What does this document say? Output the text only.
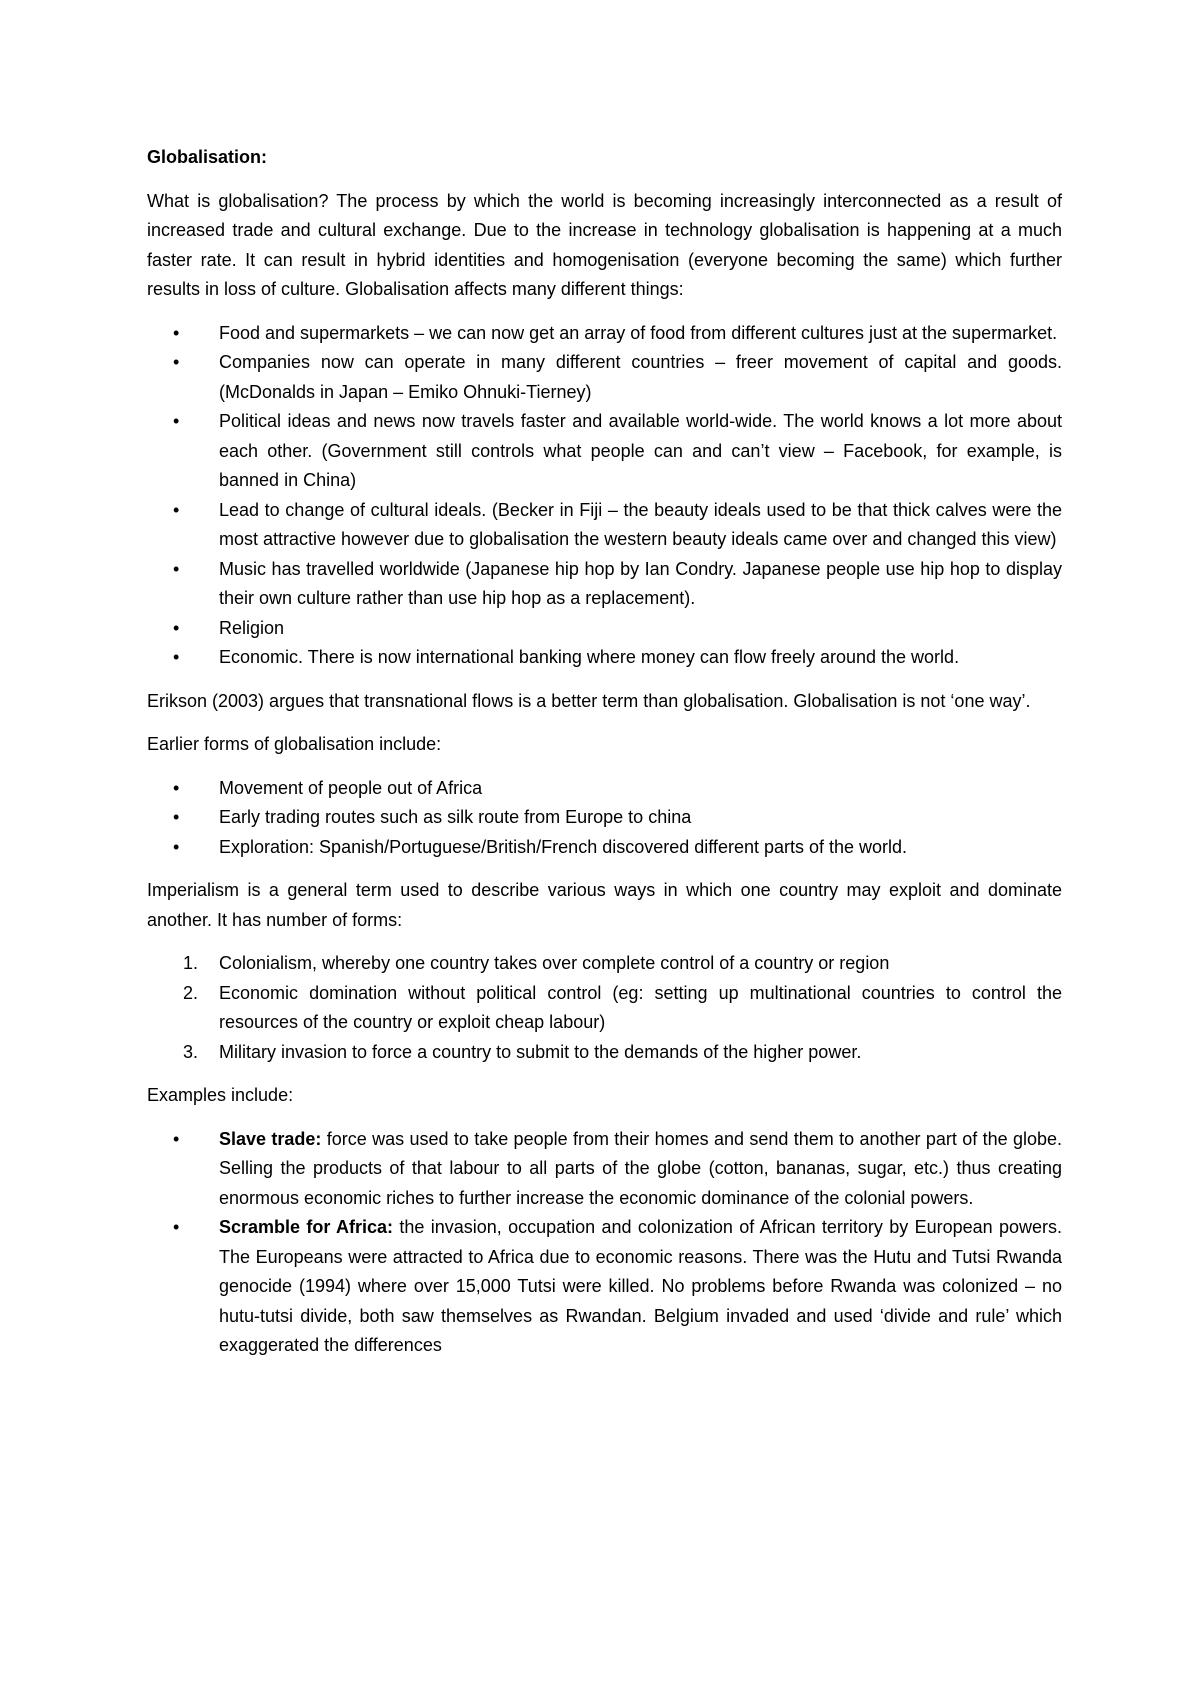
Globalisation:

What is globalisation? The process by which the world is becoming increasingly interconnected as a result of increased trade and cultural exchange. Due to the increase in technology globalisation is happening at a much faster rate. It can result in hybrid identities and homogenisation (everyone becoming the same) which further results in loss of culture. Globalisation affects many different things:

• Food and supermarkets – we can now get an array of food from different cultures just at the supermarket.
• Companies now can operate in many different countries – freer movement of capital and goods. (McDonalds in Japan – Emiko Ohnuki-Tierney)
• Political ideas and news now travels faster and available world-wide. The world knows a lot more about each other. (Government still controls what people can and can’t view – Facebook, for example, is banned in China)
• Lead to change of cultural ideals. (Becker in Fiji – the beauty ideals used to be that thick calves were the most attractive however due to globalisation the western beauty ideals came over and changed this view)
• Music has travelled worldwide (Japanese hip hop by Ian Condry. Japanese people use hip hop to display their own culture rather than use hip hop as a replacement).
• Religion
• Economic. There is now international banking where money can flow freely around the world.

Erikson (2003) argues that transnational flows is a better term than globalisation. Globalisation is not ‘one way’.

Earlier forms of globalisation include:

• Movement of people out of Africa
• Early trading routes such as silk route from Europe to china
• Exploration: Spanish/Portuguese/British/French discovered different parts of the world.

Imperialism is a general term used to describe various ways in which one country may exploit and dominate another. It has number of forms:

1. Colonialism, whereby one country takes over complete control of a country or region
2. Economic domination without political control (eg: setting up multinational countries to control the resources of the country or exploit cheap labour)
3. Military invasion to force a country to submit to the demands of the higher power.

Examples include:

• Slave trade: force was used to take people from their homes and send them to another part of the globe. Selling the products of that labour to all parts of the globe (cotton, bananas, sugar, etc.) thus creating enormous economic riches to further increase the economic dominance of the colonial powers.
• Scramble for Africa: the invasion, occupation and colonization of African territory by European powers. The Europeans were attracted to Africa due to economic reasons. There was the Hutu and Tutsi Rwanda genocide (1994) where over 15,000 Tutsi were killed. No problems before Rwanda was colonized – no hutu-tutsi divide, both saw themselves as Rwandan. Belgium invaded and used ‘divide and rule’ which exaggerated the differences
